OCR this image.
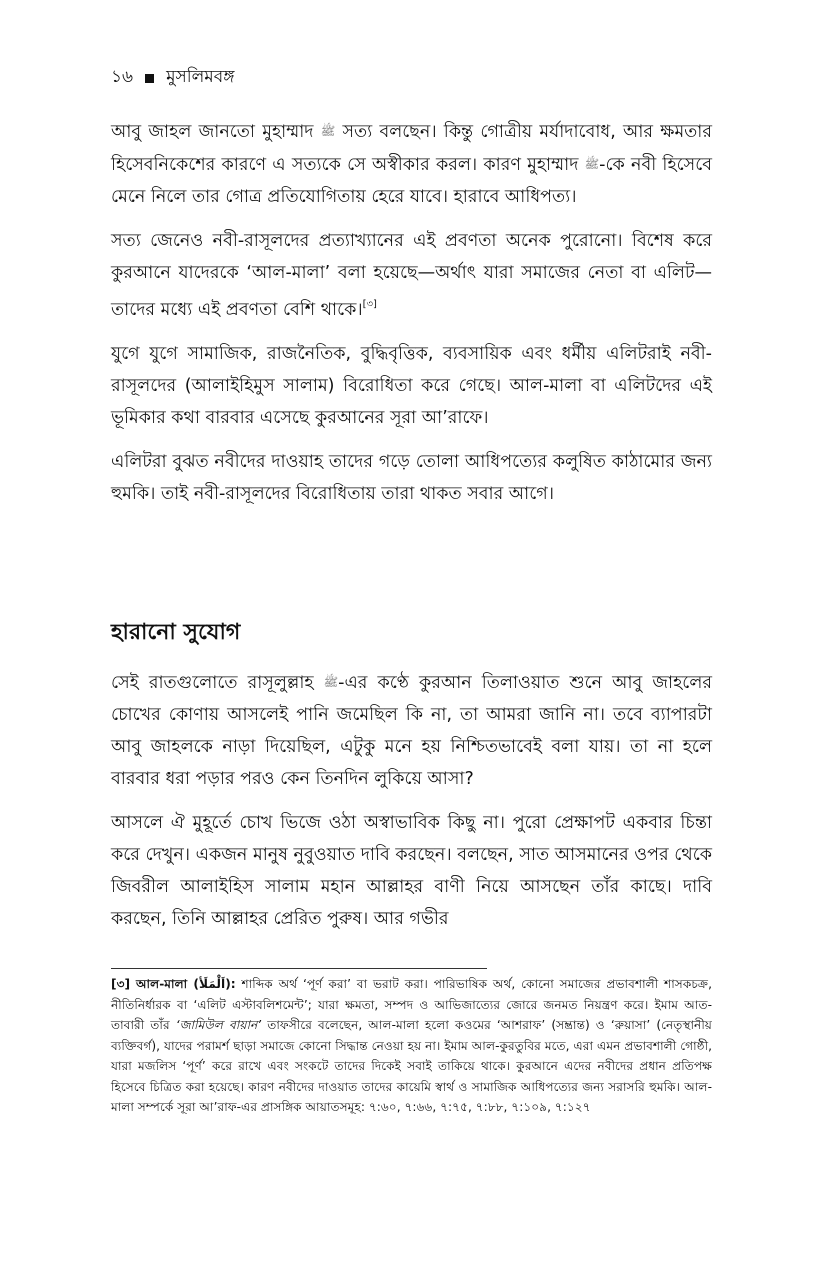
১৬ মুসলিমবঙ্গ

আবু জাহল জানতো মুহাম্মাদ ﷺ সত্য বলছেন। কিন্তু গোত্রীয় মর্যাদাবোধ, আর ক্ষমতার হিসেবনিকেশের কারণে এ সত্যকে সে অস্বীকার করল। কারণ মুহাম্মাদ ﷺ-কে নবী হিসেবে মেনে নিলে তার গোত্র প্রতিযোগিতায় হেরে যাবে। হারাবে আধিপত্য।

সত্য জেনেও নবী-রাসূলদের প্রত্যাখ্যানের এই প্রবণতা অনেক পুরোনো। বিশেষ করে কুরআনে যাদেরকে ‘আল-মালা’ বলা হয়েছে—অর্থাৎ যারা সমাজের নেতা বা এলিট—তাদের মধ্যে এই প্রবণতা বেশি থাকে।[৩]

যুগে যুগে সামাজিক, রাজনৈতিক, বুদ্ধিবৃত্তিক, ব্যবসায়িক এবং ধর্মীয় এলিটরাই নবী-রাসূলদের (আলাইহিমুস সালাম) বিরোধিতা করে গেছে। আল-মালা বা এলিটদের এই ভূমিকার কথা বারবার এসেছে কুরআনের সূরা আ’রাফে।

এলিটরা বুঝত নবীদের দাওয়াহ তাদের গড়ে তোলা আধিপত্যের কলুষিত কাঠামোর জন্য হুমকি। তাই নবী-রাসূলদের বিরোধিতায় তারা থাকত সবার আগে।

হারানো সুযোগ

সেই রাতগুলোতে রাসূলুল্লাহ ﷺ-এর কণ্ঠে কুরআন তিলাওয়াত শুনে আবু জাহলের চোখের কোণায় আসলেই পানি জমেছিল কি না, তা আমরা জানি না। তবে ব্যাপারটা আবু জাহলকে নাড়া দিয়েছিল, এটুকু মনে হয় নিশ্চিতভাবেই বলা যায়। তা না হলে বারবার ধরা পড়ার পরও কেন তিনদিন লুকিয়ে আসা?

আসলে ঐ মুহূর্তে চোখ ভিজে ওঠা অস্বাভাবিক কিছু না। পুরো প্রেক্ষাপট একবার চিন্তা করে দেখুন। একজন মানুষ নুবুওয়াত দাবি করছেন। বলছেন, সাত আসমানের ওপর থেকে জিবরীল আলাইহিস সালাম মহান আল্লাহর বাণী নিয়ে আসছেন তাঁর কাছে। দাবি করছেন, তিনি আল্লাহর প্রেরিত পুরুষ। আর গভীর

[৩] আল-মালা (اَلْمَلَأ): শাব্দিক অর্থ ‘পূর্ণ করা’ বা ভরাট করা। পারিভাষিক অর্থ, কোনো সমাজের প্রভাবশালী শাসকচক্র, নীতিনির্ধারক বা ‘এলিট এস্টাবলিশমেন্ট’; যারা ক্ষমতা, সম্পদ ও আভিজাত্যের জোরে জনমত নিয়ন্ত্রণ করে। ইমাম আত-তাবারী তাঁর ‘জামিউল বায়ান’ তাফসীরে বলেছেন, আল-মালা হলো কওমের ‘আশরাফ’ (সম্ভ্রান্ত) ও ‘রুয়াসা’ (নেতৃস্থানীয় ব্যক্তিবর্গ), যাদের পরামর্শ ছাড়া সমাজে কোনো সিদ্ধান্ত নেওয়া হয় না। ইমাম আল-কুরতুবির মতে, এরা এমন প্রভাবশালী গোষ্ঠী, যারা মজলিস ‘পূর্ণ’ করে রাখে এবং সংকটে তাদের দিকেই সবাই তাকিয়ে থাকে। কুরআনে এদের নবীদের প্রধান প্রতিপক্ষ হিসেবে চিত্রিত করা হয়েছে। কারণ নবীদের দাওয়াত তাদের কায়েমি স্বার্থ ও সামাজিক আধিপত্যের জন্য সরাসরি হুমকি। আল-মালা সম্পর্কে সূরা আ’রাফ-এর প্রাসঙ্গিক আয়াতসমূহ: ৭:৬০, ৭:৬৬, ৭:৭৫, ৭:৮৮, ৭:১০৯, ৭:১২৭
